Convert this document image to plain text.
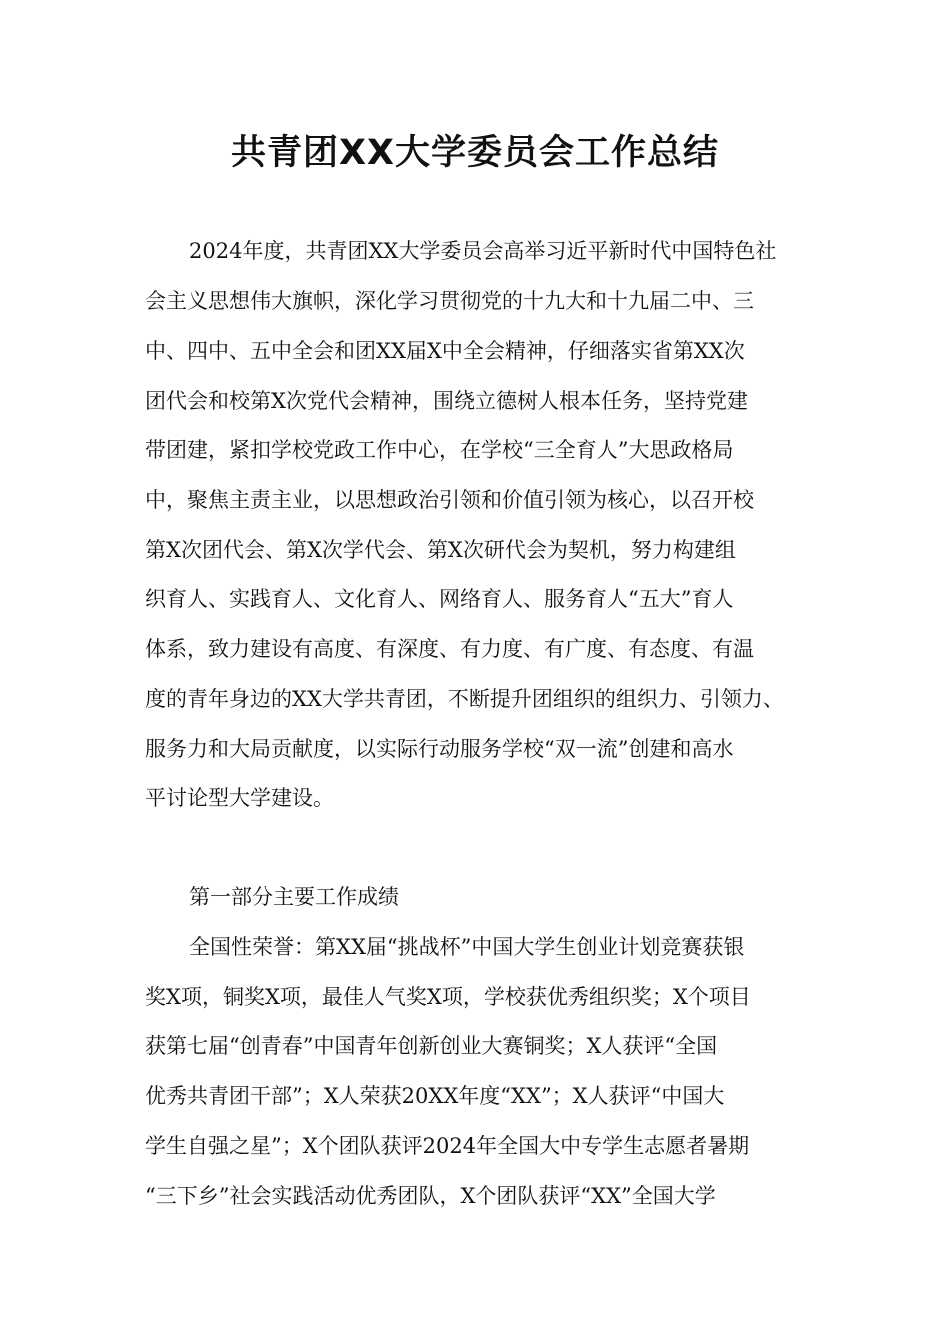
共青团XX大学委员会工作总结

2024年度，共青团XX大学委员会高举习近平新时代中国特色社

会主义思想伟大旗帜，深化学习贯彻党的十九大和十九届二中、三

中、四中、五中全会和团XX届X中全会精神，仔细落实省第XX次

团代会和校第X次党代会精神，围绕立德树人根本任务，坚持党建

带团建，紧扣学校党政工作中心，在学校“三全育人”大思政格局

中，聚焦主责主业，以思想政治引领和价值引领为核心，以召开校

第X次团代会、第X次学代会、第X次研代会为契机，努力构建组

织育人、实践育人、文化育人、网络育人、服务育人“五大”育人

体系，致力建设有高度、有深度、有力度、有广度、有态度、有温

度的青年身边的XX大学共青团，不断提升团组织的组织力、引领力、

服务力和大局贡献度，以实际行动服务学校“双一流”创建和高水

平讨论型大学建设。

第一部分主要工作成绩

全国性荣誉：第XX届“挑战杯”中国大学生创业计划竞赛获银

奖X项，铜奖X项，最佳人气奖X项，学校获优秀组织奖；X个项目

获第七届“创青春”中国青年创新创业大赛铜奖；X人获评“全国

优秀共青团干部”；X人荣获20XX年度“XX”；X人获评“中国大

学生自强之星”；X个团队获评2024年全国大中专学生志愿者暑期

“三下乡”社会实践活动优秀团队，X个团队获评“XX”全国大学
